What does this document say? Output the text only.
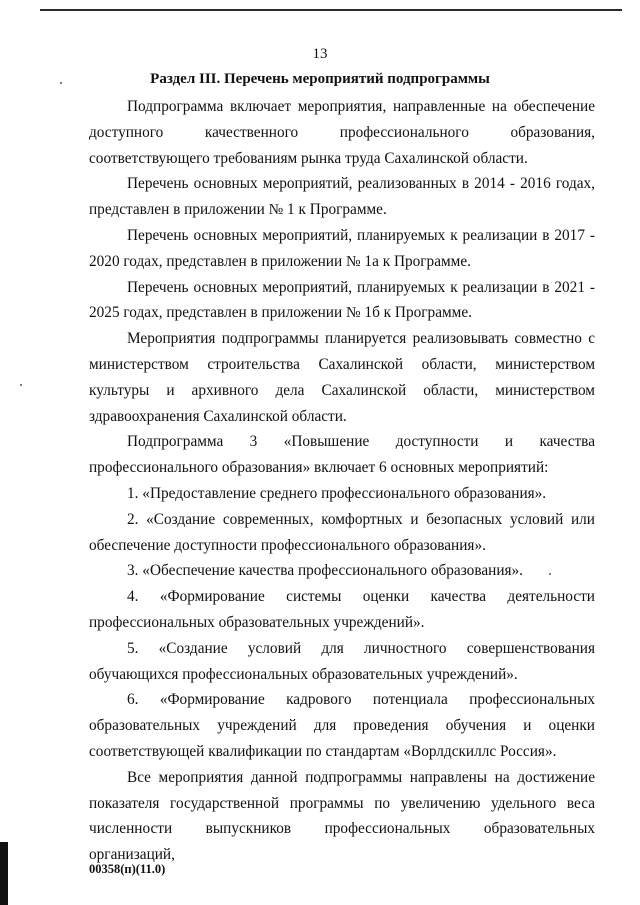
13
Раздел III. Перечень мероприятий подпрограммы

Подпрограмма включает мероприятия, направленные на обеспечение доступного качественного профессионального образования, соответствующего требованиям рынка труда Сахалинской области.

Перечень основных мероприятий, реализованных в 2014 - 2016 годах, представлен в приложении № 1 к Программе.

Перечень основных мероприятий, планируемых к реализации в 2017 - 2020 годах, представлен в приложении № 1а к Программе.

Перечень основных мероприятий, планируемых к реализации в 2021 - 2025 годах, представлен в приложении № 1б к Программе.

Мероприятия подпрограммы планируется реализовывать совместно с министерством строительства Сахалинской области, министерством культуры и архивного дела Сахалинской области, министерством здравоохранения Сахалинской области.

Подпрограмма 3 «Повышение доступности и качества профессионального образования» включает 6 основных мероприятий:

1. «Предоставление среднего профессионального образования».

2. «Создание современных, комфортных и безопасных условий или обеспечение доступности профессионального образования».

3. «Обеспечение качества профессионального образования».

4. «Формирование системы оценки качества деятельности профессиональных образовательных учреждений».

5. «Создание условий для личностного совершенствования обучающихся профессиональных образовательных учреждений».

6. «Формирование кадрового потенциала профессиональных образовательных учреждений для проведения обучения и оценки соответствующей квалификации по стандартам «Ворлдскиллс Россия».

Все мероприятия данной подпрограммы направлены на достижение показателя государственной программы по увеличению удельного веса численности выпускников профессиональных образовательных организаций,

00358(п)(11.0)
